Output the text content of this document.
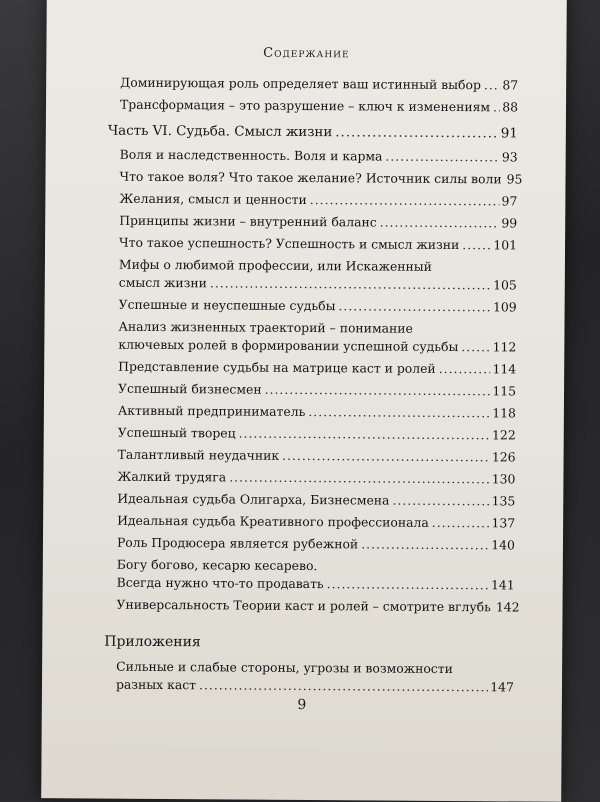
Содержание
Доминирующая роль определяет ваш истинный выбор ..... 87
Трансформация – это разрушение – ключ к изменениям ..... 88
Часть VI. Судьба. Смысл жизни .....	91
Воля и наследственность. Воля и карма .....	93
Что такое воля? Что такое желание? Источник силы воли ..... 95
Желания, смысл и ценности .....	97
Принципы жизни – внутренний баланс .....	99
Что такое успешность? Успешность и смысл жизни .....	101
Мифы о любимой профессии, или Искаженный
смысл жизни .....	105
Успешные и неуспешные судьбы .....	109
Анализ жизненных траекторий – понимание
ключевых ролей в формировании успешной судьбы .....	112
Представление судьбы на матрице каст и ролей .....	114
Успешный бизнесмен .....	115
Активный предприниматель .....	118
Успешный творец .....	122
Талантливый неудачник .....	126
Жалкий трудяга .....	130
Идеальная судьба Олигарха, Бизнесмена .....	135
Идеальная судьба Креативного профессионала .....	137
Роль Продюсера является рубежной .....	140
Богу богово, кесарю кесарево.
Всегда нужно что-то продавать .....	141
Универсальность Теории каст и ролей – смотрите вглубь ..... 142
Приложения
Сильные и слабые стороны, угрозы и возможности
разных каст .....	147
9
